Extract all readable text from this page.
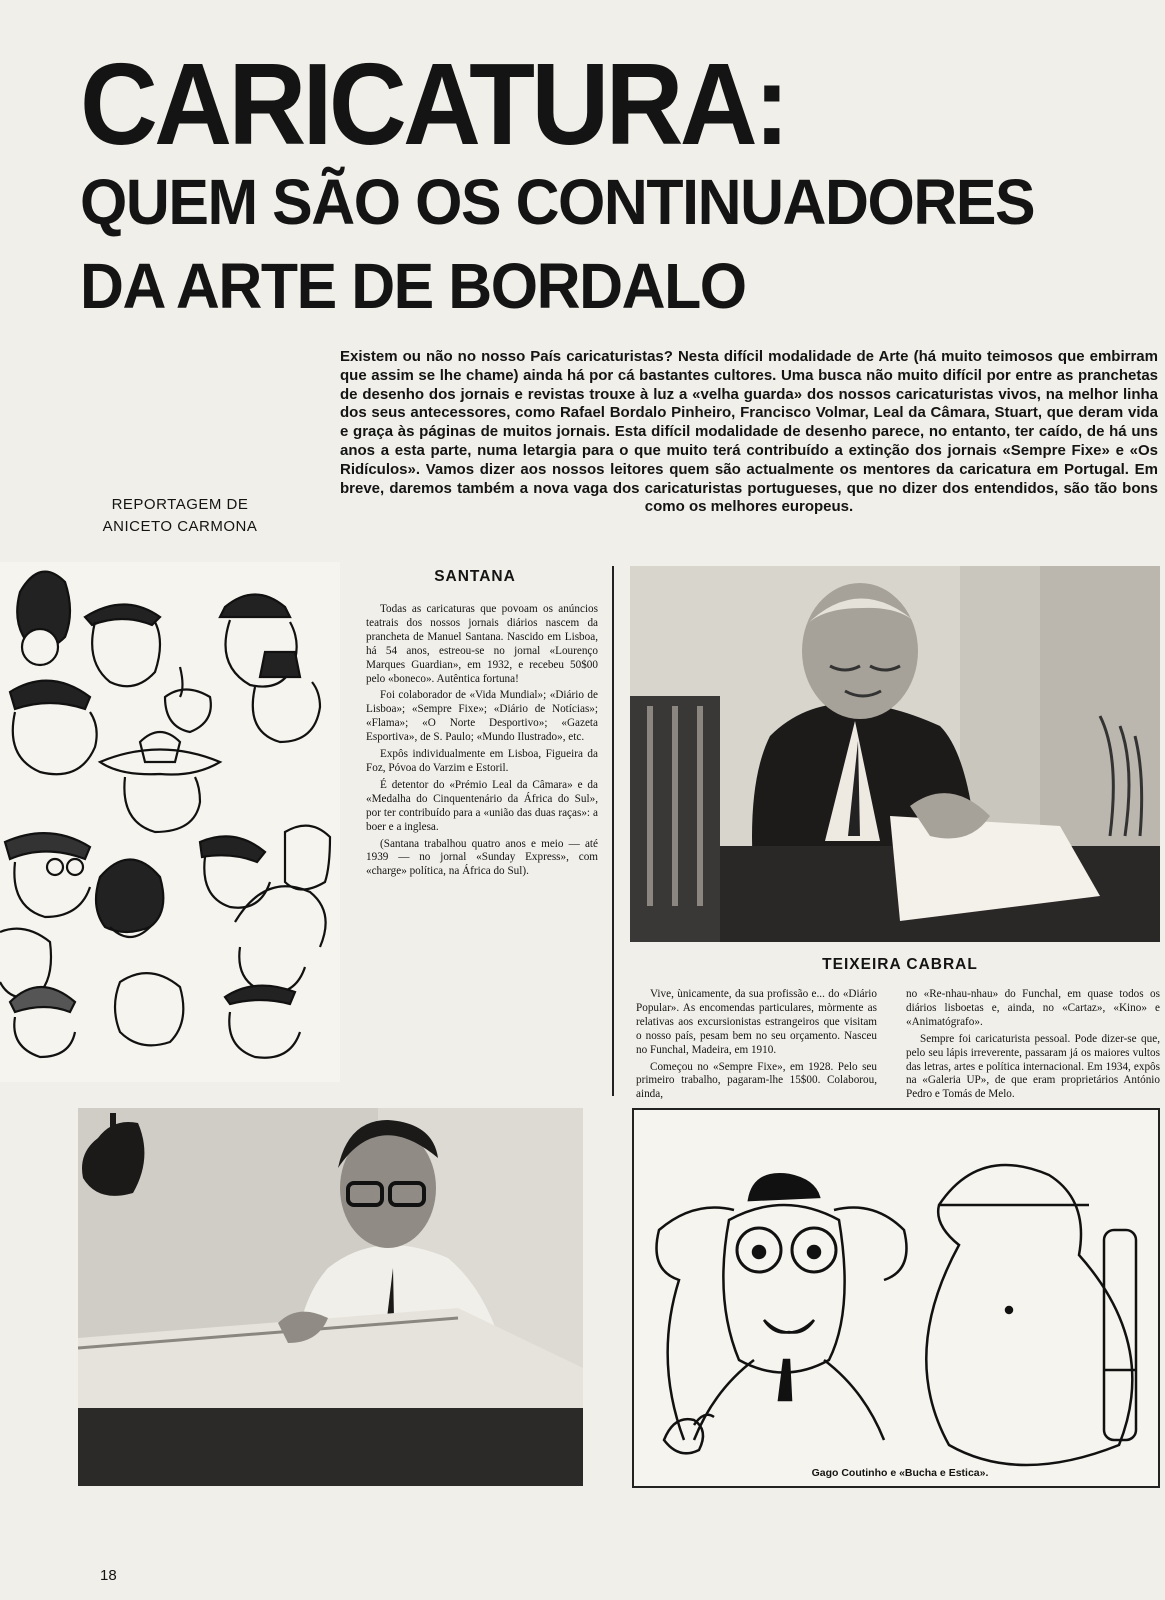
CARICATURA:
QUEM SÃO OS CONTINUADORES
DA ARTE DE BORDALO
Existem ou não no nosso País caricaturistas? Nesta difícil modalidade de Arte (há muito teimosos que embirram que assim se lhe chame) ainda há por cá bastantes cultores. Uma busca não muito difícil por entre as pranchetas de desenho dos jornais e revistas trouxe à luz a «velha guarda» dos nossos caricaturistas vivos, na melhor linha dos seus antecessores, como Rafael Bordalo Pinheiro, Francisco Volmar, Leal da Câmara, Stuart, que deram vida e graça às páginas de muitos jornais. Esta difícil modalidade de desenho parece, no entanto, ter caído, de há uns anos a esta parte, numa letargia para o que muito terá contribuído a extinção dos jornais «Sempre Fixe» e «Os Ridículos». Vamos dizer aos nossos leitores quem são actualmente os mentores da caricatura em Portugal. Em breve, daremos também a nova vaga dos caricaturistas portugueses, que no dizer dos entendidos, são tão bons como os melhores europeus.
REPORTAGEM DE
ANICETO CARMONA
SANTANA

Todas as caricaturas que povoam os anúncios teatrais dos nossos jornais diários nascem da prancheta de Manuel Santana. Nascido em Lisboa, há 54 anos, estreou-se no jornal «Lourenço Marques Guardian», em 1932, e recebeu 50$00 pelo «boneco». Autêntica fortuna!

Foi colaborador de «Vida Mundial»; «Diário de Lisboa»; «Sempre Fixe»; «Diário de Notícias»; «Flama»; «O Norte Desportivo»; «Gazeta Esportiva», de S. Paulo; «Mundo Ilustrado», etc.

Expôs individualmente em Lisboa, Figueira da Foz, Póvoa do Varzim e Estoril.

É detentor do «Prémio Leal da Câmara» e da «Medalha do Cinquentenário da África do Sul», por ter contribuído para a «união das duas raças»: a boer e a inglesa.

(Santana trabalhou quatro anos e meio — até 1939 — no jornal «Sunday Express», com «charge» política, na África do Sul).

TEIXEIRA CABRAL

Vive, ùnicamente, da sua profissão e... do «Diário Popular». As encomendas particulares, mòrmente as relativas aos excursionistas estrangeiros que visitam o nosso país, pesam bem no seu orçamento. Nasceu no Funchal, Madeira, em 1910.

Começou no «Sempre Fixe», em 1928. Pelo seu primeiro trabalho, pagaram-lhe 15$00. Colaborou, ainda,

no «Re-nhau-nhau» do Funchal, em quase todos os diários lisboetas e, ainda, no «Cartaz», «Kino» e «Animatógrafo».

Sempre foi caricaturista pessoal. Pode dizer-se que, pelo seu lápis irreverente, passaram já os maiores vultos das letras, artes e política internacional. Em 1934, expôs na «Galeria UP», de que eram proprietários António Pedro e Tomás de Melo.

Gago Coutinho e «Bucha e Estica».
18
